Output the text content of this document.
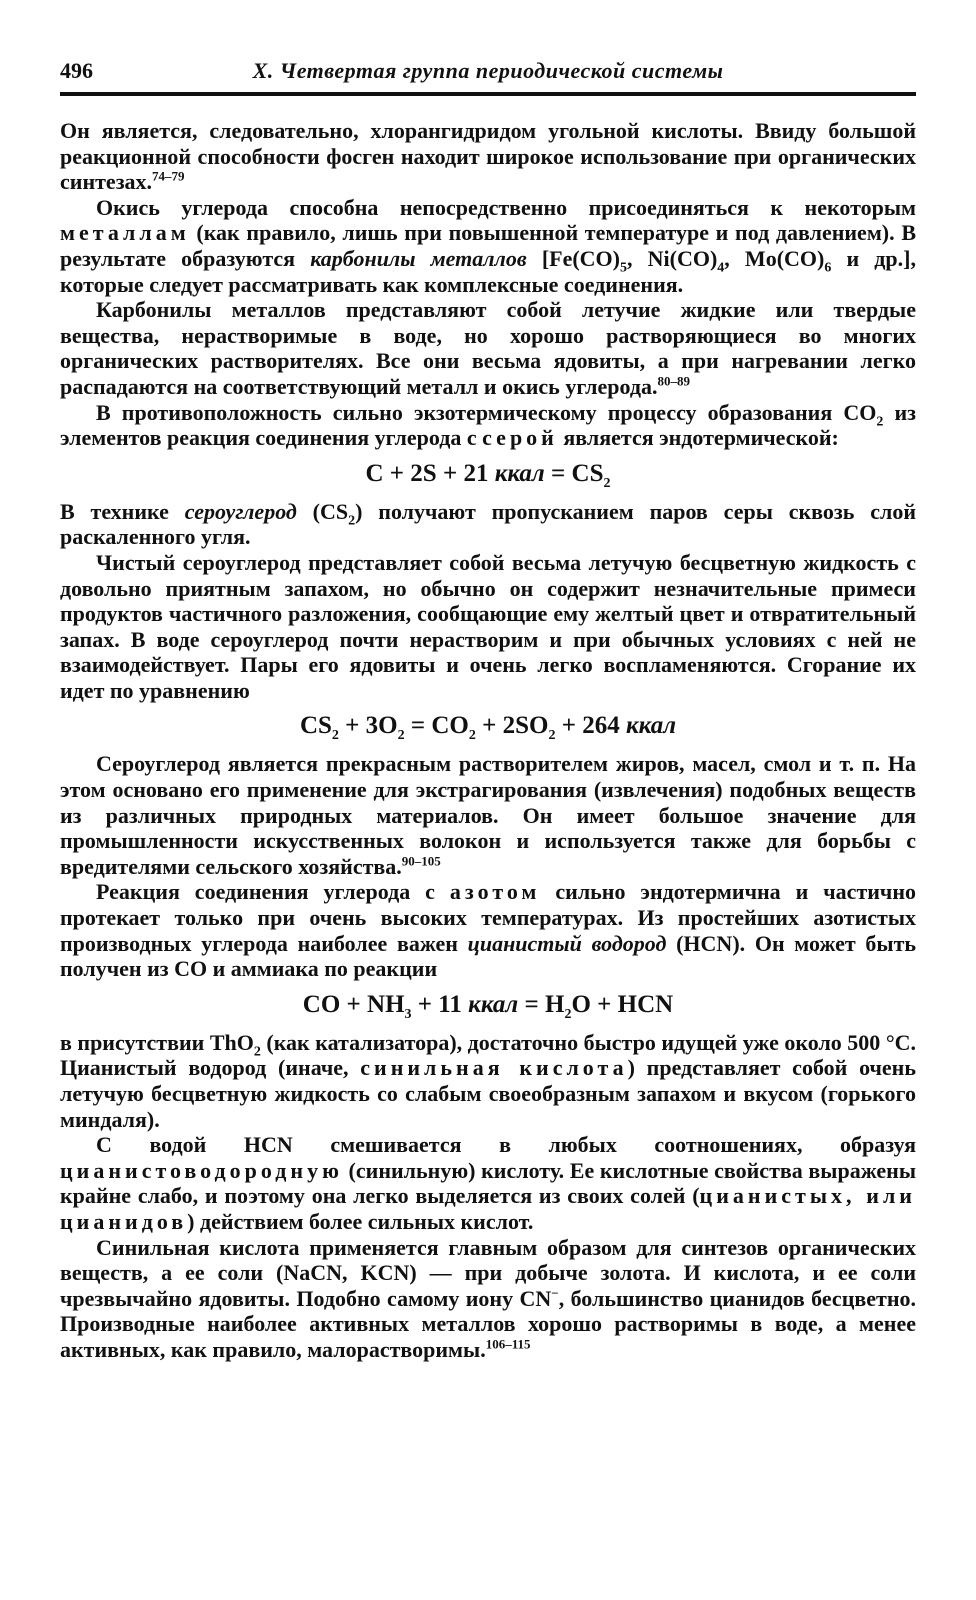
496	X. Четвертая группа периодической системы

Он является, следовательно, хлорангидридом угольной кислоты. Ввиду большой реакционной способности фосген находит широкое использование при органических синтезах.$^{74-79}$

Окись углерода способна непосредственно присоединяться к некоторым металлам (как правило, лишь при повышенной температуре и под давлением). В результате образуются карбонилы металлов [$Fe(CO)_5$, $Ni(CO)_4$, $Mo(CO)_6$ и др.], которые следует рассматривать как комплексные соединения.

Карбонилы металлов представляют собой летучие жидкие или твердые вещества, нерастворимые в воде, но хорошо растворяющиеся во многих органических растворителях. Все они весьма ядовиты, а при нагревании легко распадаются на соответствующий металл и окись углерода.$^{80-89}$

В противоположность сильно экзотермическому процессу образования $CO_2$ из элементов реакция соединения углерода с серой является эндотермической:

C + 2S + 21 ккал = $CS_2$

В технике сероуглерод $(CS_2)$ получают пропусканием паров серы сквозь слой раскаленного угля.

Чистый сероуглерод представляет собой весьма летучую бесцветную жидкость с довольно приятным запахом, но обычно он содержит незначительные примеси продуктов частичного разложения, сообщающие ему желтый цвет и отвратительный запах. В воде сероуглерод почти нерастворим и при обычных условиях с ней не взаимодействует. Пары его ядовиты и очень легко воспламеняются. Сгорание их идет по уравнению

$CS_2 + 3O_2 = CO_2 + 2SO_2 + 264$ ккал

Сероуглерод является прекрасным растворителем жиров, масел, смол и т. п. На этом основано его применение для экстрагирования (извлечения) подобных веществ из различных природных материалов. Он имеет большое значение для промышленности искусственных волокон и используется также для борьбы с вредителями сельского хозяйства.$^{90-105}$

Реакция соединения углерода с азотом сильно эндотермична и частично протекает только при очень высоких температурах. Из простейших азотистых производных углерода наиболее важен цианистый водород (HCN). Он может быть получен из CO и аммиака по реакции

CO + $NH_3 + 11$ ккал = $H_2O$ + HCN

в присутствии ThO$_2$ (как катализатора), достаточно быстро идущей уже около 500 °C. Цианистый водород (иначе, синильная кислота) представляет собой очень летучую бесцветную жидкость со слабым своеобразным запахом и вкусом (горького миндаля).

С водой HCN смешивается в любых соотношениях, образуя цианистоводородную (синильную) кислоту. Ее кислотные свойства выражены крайне слабо, и поэтому она легко выделяется из своих солей (цианистых, или цианидов) действием более сильных кислот.

Синильная кислота применяется главным образом для синтезов органических веществ, а ее соли (NaCN, KCN) — при добыче золота. И кислота, и ее соли чрезвычайно ядовиты. Подобно самому иону CN−, большинство цианидов бесцветно. Производные наиболее активных металлов хорошо растворимы в воде, а менее активных, как правило, малорастворимы.$^{106-115}$
